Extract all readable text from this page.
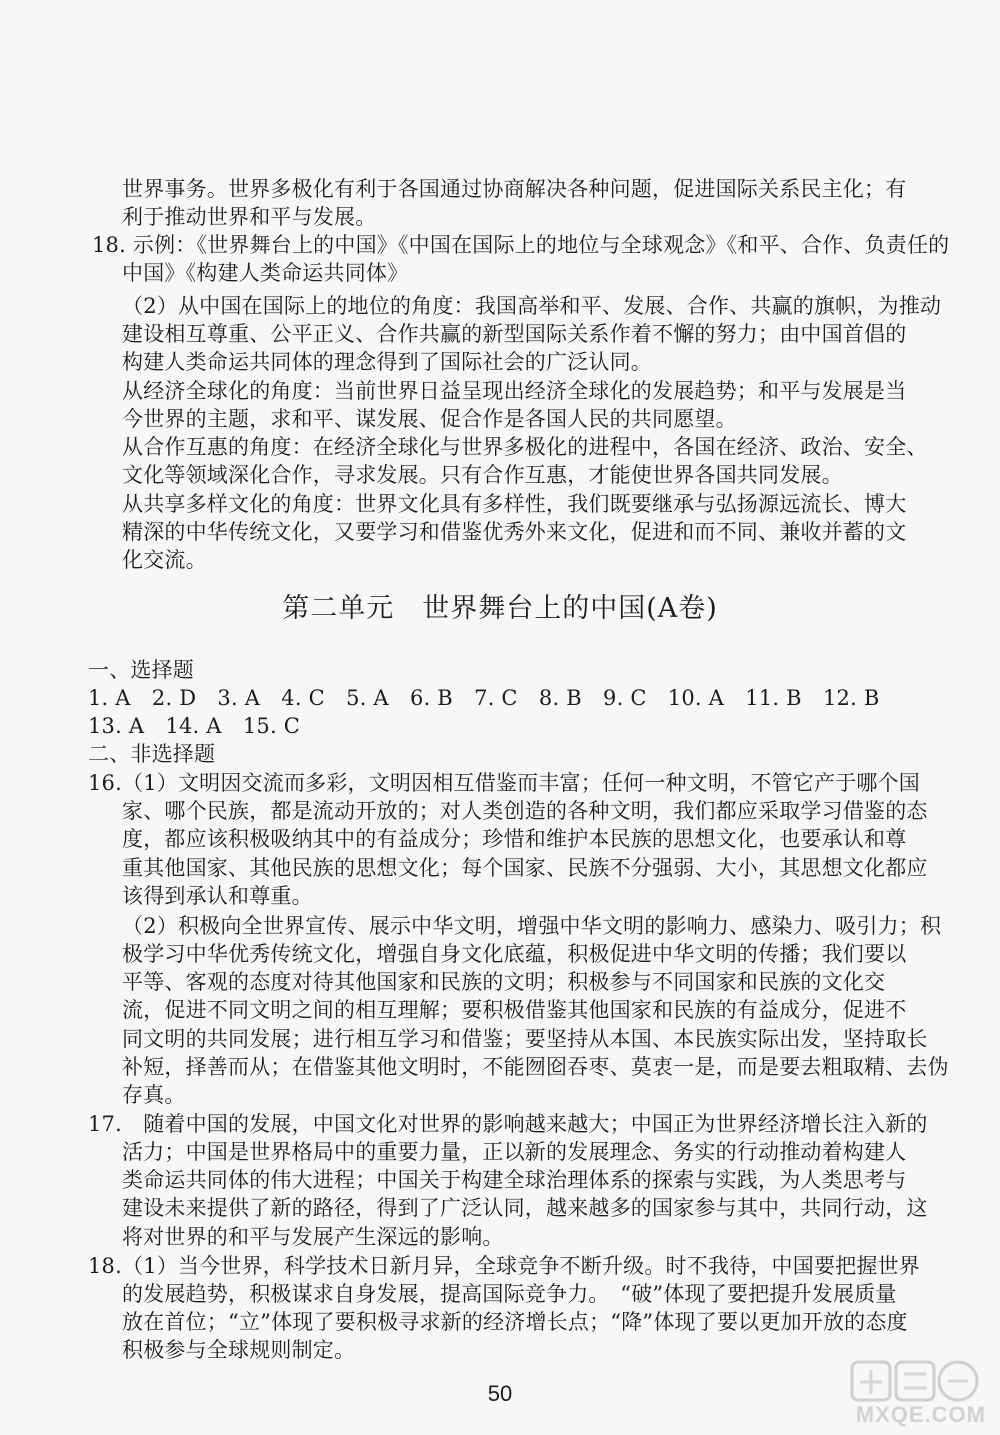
世界事务。世界多极化有利于各国通过协商解决各种问题，促进国际关系民主化；有
利于推动世界和平与发展。
18. 示例：《世界舞台上的中国》《中国在国际上的地位与全球观念》《和平、合作、负责任的
中国》《构建人类命运共同体》
（2）从中国在国际上的地位的角度：我国高举和平、发展、合作、共赢的旗帜，为推动
建设相互尊重、公平正义、合作共赢的新型国际关系作着不懈的努力；由中国首倡的
构建人类命运共同体的理念得到了国际社会的广泛认同。
从经济全球化的角度：当前世界日益呈现出经济全球化的发展趋势；和平与发展是当
今世界的主题，求和平、谋发展、促合作是各国人民的共同愿望。
从合作互惠的角度：在经济全球化与世界多极化的进程中，各国在经济、政治、安全、
文化等领域深化合作，寻求发展。只有合作互惠，才能使世界各国共同发展。
从共享多样文化的角度：世界文化具有多样性，我们既要继承与弘扬源远流长、博大
精深的中华传统文化，又要学习和借鉴优秀外来文化，促进和而不同、兼收并蓄的文
化交流。
一、选择题
1. A　2. D　3. A　4. C　5. A　6. B　7. C　8. B　9. C　10. A　11. B　12. B
13. A　14. A　15. C
二、非选择题
16.（1）文明因交流而多彩，文明因相互借鉴而丰富；任何一种文明，不管它产于哪个国
家、哪个民族，都是流动开放的；对人类创造的各种文明，我们都应采取学习借鉴的态
度，都应该积极吸纳其中的有益成分；珍惜和维护本民族的思想文化，也要承认和尊
重其他国家、其他民族的思想文化；每个国家、民族不分强弱、大小，其思想文化都应
该得到承认和尊重。
（2）积极向全世界宣传、展示中华文明，增强中华文明的影响力、感染力、吸引力；积
极学习中华优秀传统文化，增强自身文化底蕴，积极促进中华文明的传播；我们要以
平等、客观的态度对待其他国家和民族的文明；积极参与不同国家和民族的文化交
流，促进不同文明之间的相互理解；要积极借鉴其他国家和民族的有益成分，促进不
同文明的共同发展；进行相互学习和借鉴；要坚持从本国、本民族实际出发，坚持取长
补短，择善而从；在借鉴其他文明时，不能囫囵吞枣、莫衷一是，而是要去粗取精、去伪
存真。
17.　随着中国的发展，中国文化对世界的影响越来越大；中国正为世界经济增长注入新的
活力；中国是世界格局中的重要力量，正以新的发展理念、务实的行动推动着构建人
类命运共同体的伟大进程；中国关于构建全球治理体系的探索与实践，为人类思考与
建设未来提供了新的路径，得到了广泛认同，越来越多的国家参与其中，共同行动，这
将对世界的和平与发展产生深远的影响。
18.（1）当今世界，科学技术日新月异，全球竞争不断升级。时不我待，中国要把握世界
的发展趋势，积极谋求自身发展，提高国际竞争力。　“破”体现了要把提升发展质量
放在首位；“立”体现了要积极寻求新的经济增长点；“降”体现了要以更加开放的态度
积极参与全球规则制定。
第二单元　世界舞台上的中国(A卷)
50
MXQE.COM
